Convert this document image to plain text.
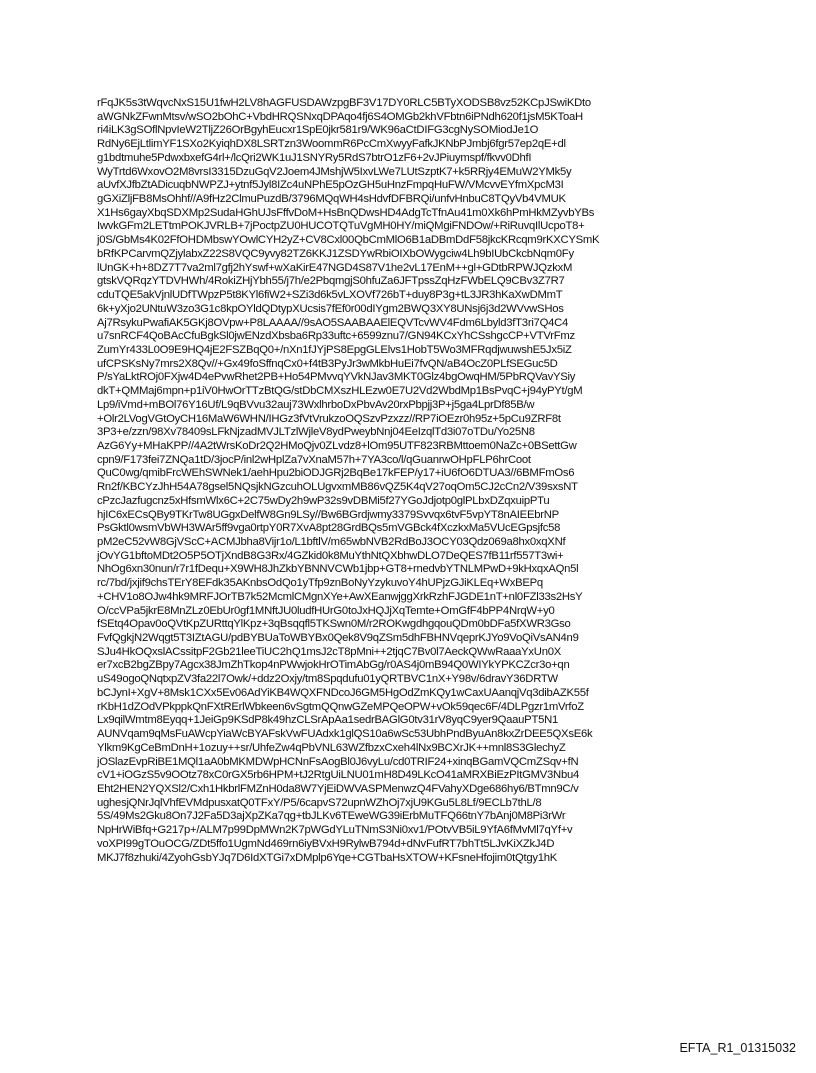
rFqJK5s3tWqvcNxS15U1fwH2LV8hAGFUSDAWzpgBF3V17DY0RLC5BTyXODSB8vz52KCpJSwiKDto
aWGNkZFwnMtsv/wSO2bOhC+VbdHRQSNxqDPAqo4fj6S4OMGb2khVFbtn6iPNdh620f1jsM5KToaH
ri4iLK3gSOflNpvIeW2TljZ26OrBgyhEucxr1SpE0jkr581r9/WK96aCtDIFG3cgNySOMiodJe1O
RdNy6EjLtlimYF1SXo2KyiqhDX8LSRTzn3WoommR6PcCmXwyyFafkJKNbPJmbj6fgr57ep2qE+dl
g1bdtmuhe5PdwxbxefG4rl+/lcQri2WK1uJ1SNYRy5RdS7btrO1zF6+2vJPiuymspf/fkvv0DhfI
WyTrtd6WxovO2M8vrsI3315DzuGqV2Joem4JMshjW5IxvLWe7LUtSzptK7+k5RRjy4EMuW2YMk5y
aUvfXJfbZtADicuqbNWPZJ+ytnf5Jyl8IZc4uNPhE5pOzGH5uHnzFmpqHuFW/VMcvvEYfmXpcM3I
gGXiZljFB8MsOhhf//A9fHz2ClmuPuzdB/3796MQqWH4sHdvfDFBRQi/unfvHnbuC8TQyVb4VMUK
X1Hs6gayXbqSDXMp2SudaHGhUJsFffvDoM+HsBnQDwsHD4AdgTcTfnAu41m0Xk6hPmHkMZyvbYBs
IwvkGFm2LETtmPOKJVRLB+7jPoctpZU0HUCOTQTuVgMH0HY/miQMgiFNDOw/+RiRuvqIlUcpoT8+
j0S/GbMs4K02FfOHDMbswYOwlCYH2yZ+CV8Cxl00QbCmMlO6B1aDBmDdF58jkcKRcqm9rKXCYSmK
bRfKPCarvmQZjylabxZ22S8VQC9yvy82TZ6KKJ1ZSDYwRbiOIXbOWygciw4Lh9bIUbCkcbNqm0Fy
lUnGK+h+8DZ7T7va2ml7gfj2hYswf+wXaKirE47NGD4S87V1he2vL17EnM++gl+GDtbRPWJQzkxM
gtskVQRqzYTDVHWh/4RokiZHjYbh55/j7h/e2PbqmgjS0hfuZa6JFTpssZqHzFWbELQ9CBv3Z7R7
cduTQE5akVjnlUDfTWpzP5t8KYl6fiW2+SZi3d6k5vLXOVf726bT+duy8P3g+tL3JR3hKaXwDMmT
6k+yXjo2UNtuW3zo3G1c8kpOYldQDtypXUcsis7fEf0r00dIYgm2BWQ3XY8UNsj6j3d2WVvwSHos
Aj7RsykuPwafiAK5GKj8OVpw+P8LAAAA//9sAO5SAABAAElEQVTcvWV4Fdm6Lbyld3fT3ri7Q4C4
u7snRCF4QoBAcCfuBgkSl0jwENzdXbsba6Rp33uftc+6599znu7/GN94KCxYhCSshgcCP+VTVrFmz
ZumYr433L0O9E9HQ4jE2FSZBqQ0+/nXn1fJYjPS8EpgGLElvs1HobT5Wo3MFRqdjwuwshE5Jx5iZ
ufCPSKsNy7mrs2X8Qv//+Gx49foSffnqCx0+f4tB3PyJr3wMkbHuEi7fvQN/aB4OcZ0PLfSEGuc5D
P/sYaLktROj0FXjw4D4ePvwRhet2PB+Ho54PMvvqYVkNJav3MKT0Glz4bgOwqHM/5PbRQVavYSiy
dkT+QMMaj6mpn+p1iV0HwOrTTzBtQG/stDbCMXszHLEzw0E7U2Vd2WbdMp1BsPvqC+j94yPYt/gM
Lp9/iVmd+mBOl76Y16Uf/L9qBVvu32auj73WxlhrboDxPbvAv20rxPbpjj3P+j5ga4LprDf85B/w
+Olr2LVogVGtOyCH16MaW6WHN/IHGz3fVtVrukzoOQSzvPzxzz//RP7iOEzr0h95z+5pCu9ZRF8t
3P3+e/zzn/98Xv78409sLFkNjzadMVJLTzlWjleV8ydPweybNnj04EeIzqlTd3i07oTDu/Yo25N8
AzG6Yy+MHaKPP//4A2tWrsKoDr2Q2HMoQjv0ZLvdz8+lOm95UTF823RBMttoem0NaZc+0BSettGw
cpn9/F173fei7ZNQa1tD/3jocP/inl2wHplZa7vXnaM57h+7YA3co/l/qGuanrwOHpFLP6hrCoot
QuC0wg/qmibFrcWEhSWNek1/aehHpu2biODJGRj2BqBe17kFEP/y17+iU6fO6DTUA3//6BMFmOs6
Rn2f/KBCYzJhH54A78gsel5NQsjkNGzcuhOLUgvxmMB86vQZ5K4qV27oqOm5CJ2cCn2/V39sxsNT
cPzcJazfugcnz5xHfsmWlx6C+2C75wDy2h9wP32s9vDBMi5f27YGoJdjotp0glPLbxDZqxuipPTu
hjIC6xECsQBy9TKrTw8UGgxDelfW8Gn9LSy//Bw6BGrdjwmy3379Svvqx6tvF5vpYT8nAIEEbrNP
PsGktl0wsmVbWH3WAr5ff9vga0rtpY0R7XvA8pt28GrdBQs5mVGBck4fXczkxMa5VUcEGpsjfc58
pM2eC52vW8GjVScC+ACMJbha8Vijr1o/L1bftlV/m65wbNVB2RdBoJ3OCY03Qdz069a8hx0xqXNf
jOvYG1bftoMDt2O5P5OTjXndB8G3Rx/4GZkid0k8MuYthNtQXbhwDLO7DeQES7fB11rf557T3wi+
NhOg6xn30nun/r7r1fDequ+X9WH8JhZkbYBNNVCWb1jbp+GT8+rnedvbYTNLMPwD+9kHxqxAQn5l
rc/7bd/jxjif9chsTErY8EFdk35AKnbsOdQo1yTfp9znBoNyYzykuvoY4hUPjzGJiKLEq+WxBEPq
+CHV1o8OJw4hk9MRFJOrTB7k52McmlCMgnXYe+AwXEanwjggXrkRzhFJGDE1nT+nl0FZl33s2HsY
O/ccVPa5jkrE8MnZLz0EbUr0gf1MNftJU0ludfHUrG0toJxHQJjXqTemte+OmGfF4bPP4NrqW+y0
fSEtq4Opav0oQVtKpZURttqYlKpz+3qBsqqfl5TKSwn0M/r2ROKwgdhgqouQDm0bDFa5fXWR3Gso
FvfQgkjN2Wqgt5T3IZtAGU/pdBYBUaToWBYBx0Qek8V9qZSm5dhFBHNVqeprKJYo9VoQiVsAN4n9
SJu4HkOQxslACssitpF2Gb21leeTiUC2hQ1msJ2cT8pMni++2tjqC7Bv0l7AeckQWwRaaaYxUn0X
er7xcB2bgZBpy7Agcx38JmZhTkop4nPWwjokHrOTimAbGg/r0AS4j0mB94Q0WIYkYPKCZcr3o+qn
uS49ogoQNqtxpZV3fa22l7Owk/+ddz2Oxjy/tm8Spqdufu01yQRTBVC1nX+Y98v/6dravY36DRTW
bCJynI+XgV+8Msk1CXx5Ev06AdYiKB4WQXFNDcoJ6GM5HgOdZmKQy1wCaxUAanqjVq3dibAZK55f
rKbH1dZOdVPkppkQnFXtRErlWbkeen6vSgtmQQnwGZeMPQeOPW+vOk59qec6F/4DLPgzr1mVrfoZ
Lx9qilWmtm8Eyqq+1JeiGp9KSdP8k49hzCLSrApAa1sedrBAGlG0tv31rV8yqC9yer9QaauPT5N1
AUNVqam9qMsFuAWcpYiaWcBYAFskVwFUAdxk1glQS10a6wSc53UbhPndByuAn8kxZrDEE5QXsE6k
Ylkm9KgCeBmDnH+1ozuy++sr/UhfeZw4qPbVNL63WZfbzxCxeh4lNx9BCXrJK++mnl8S3GlechyZ
jOSlazEvpRiBE1MQl1aA0bMKMDWpHCNnFsAogBl0J6vyLu/cd0TRIF24+xinqBGamVQCmZSqv+fN
cV1+iOGzS5v9OOtz78xC0rGX5rb6HPM+tJ2RtgUiLNU01mH8D49LKcO41aMRXBiEzPItGMV3Nbu4
Eht2HEN2YQXSl2/Cxh1HkbrlFMZnH0da8W7YjEiDWVASPMenwzQ4FVahyXDge686hy6/BTmn9C/v
ughesjQNrJqlVhfEVMdpusxatQ0TFxY/P5/6capvS72upnWZhOj7xjU9KGu5L8Lf/9ECLb7thL/8
5S/49Ms2Gku8On7J2Fa5D3ajXpZKa7qg+tbJLKv6TEweWG39iErbMuTFQ66tnY7bAnj0M8Pi3rWr
NpHrWiBfq+G217p+/ALM7p99DpMWn2K7pWGdYLuTNmS3Ni0xv1/POtvVB5iL9YfA6fMvMl7qYf+v
voXPI99gTOuOCG/ZDt5ffo1UgmNd469rn6iyBVxH9RylwB794d+dNvFufRT7bhTt5LJvKiXZkJ4D
MKJ7f8zhuki/4ZyohGsbYJq7D6IdXTGi7xDMplp6Yqe+CGTbaHsXTOW+KFsneHfojim0tQtgy1hK
EFTA_R1_01315032
